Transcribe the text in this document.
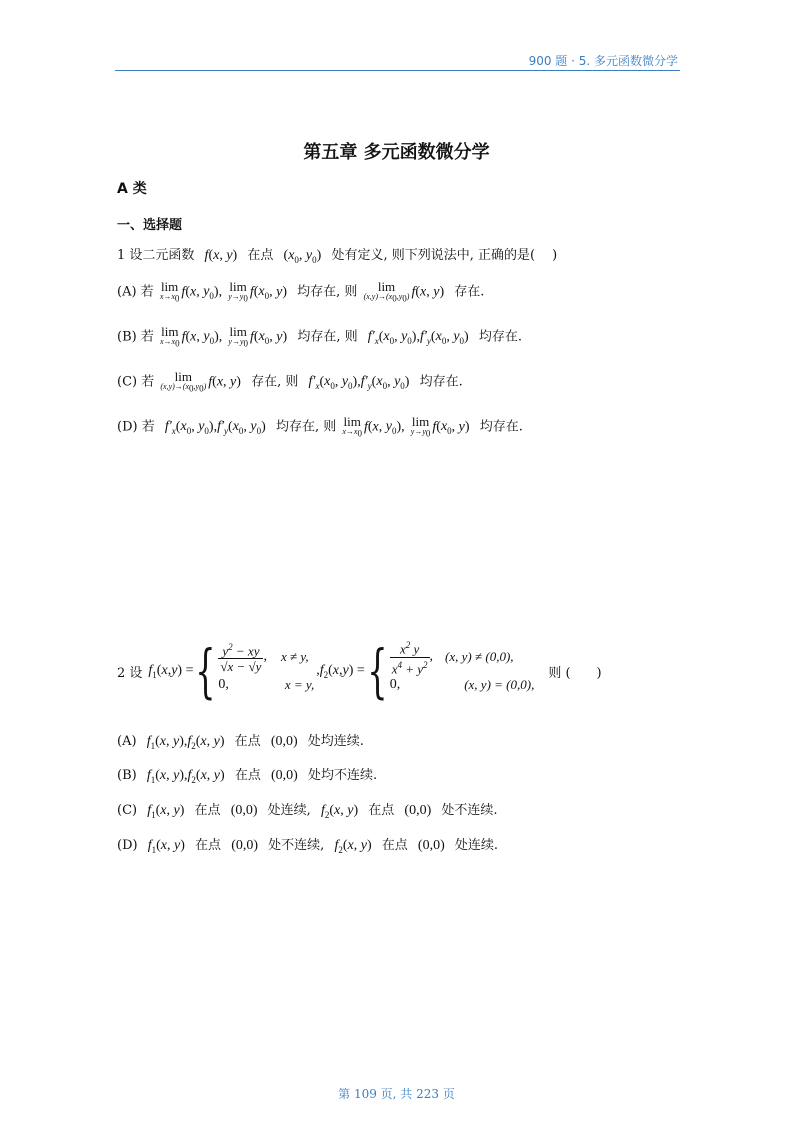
900 题 · 5. 多元函数微分学
第五章 多元函数微分学
A 类
一、选择题
1 设二元函数 f(x, y) 在点 ($x_0$, $y_0$) 处有定义, 则下列说法中, 正确的是(　 )
(A) 若 lim
$x\to x_0$ f(x, $y_0$), lim
$y\to y_0$ $f(x_0$, y) 均存在, 则	lim
$(x,y)\to(x_0,y_0)$ f(x, y) 存在.
(B) 若 lim
$x\to x_0$ f(x, $y_0$), lim
$y\to y_0$ $f(x_0$, y) 均存在, 则 $f'_x(x_0$, $y_0),f'_y(x_0$, $y_0$) 均存在.
(C) 若	lim
$(x,y)\to(x_0,y_0)$ f(x, y) 存在, 则 $f'_x(x_0$, $y_0),f'_y(x_0$, $y_0$) 均存在.
(D) 若 $f'_x(x_0$, $y_0),f'_y(x_0$, $y_0$) 均存在, 则 lim
$x\to x_0$ f(x, $y_0$), lim
$y\to y_0$ $f(x_0$, y) 均存在.
2 设 $f_1$ ( x , y ) = { $\frac{y^2 - xy}{√x - √y}$ , x ≠ y,
0,	x = y,
, $f_2$ ( x , y ) = { $\frac{x^2 y}{x^4 + y^2}$ , (x, y) ≠ (0,0),
0,	(x, y) = (0,0),
则 (　　)
(A) $f_1(x$, $y),f_2(x$, y) 在点 (0,0) 处均连续.
(B) $f_1(x$, $y),f_2(x$, y) 在点 (0,0) 处均不连续.
(C) $f_1(x$, y) 在点 (0,0) 处连续, $f_2(x$, y) 在点 (0,0) 处不连续.
(D) $f_1(x$, y) 在点 (0,0) 处不连续, $f_2(x$, y) 在点 (0,0) 处连续.
第 109 页, 共 223 页
